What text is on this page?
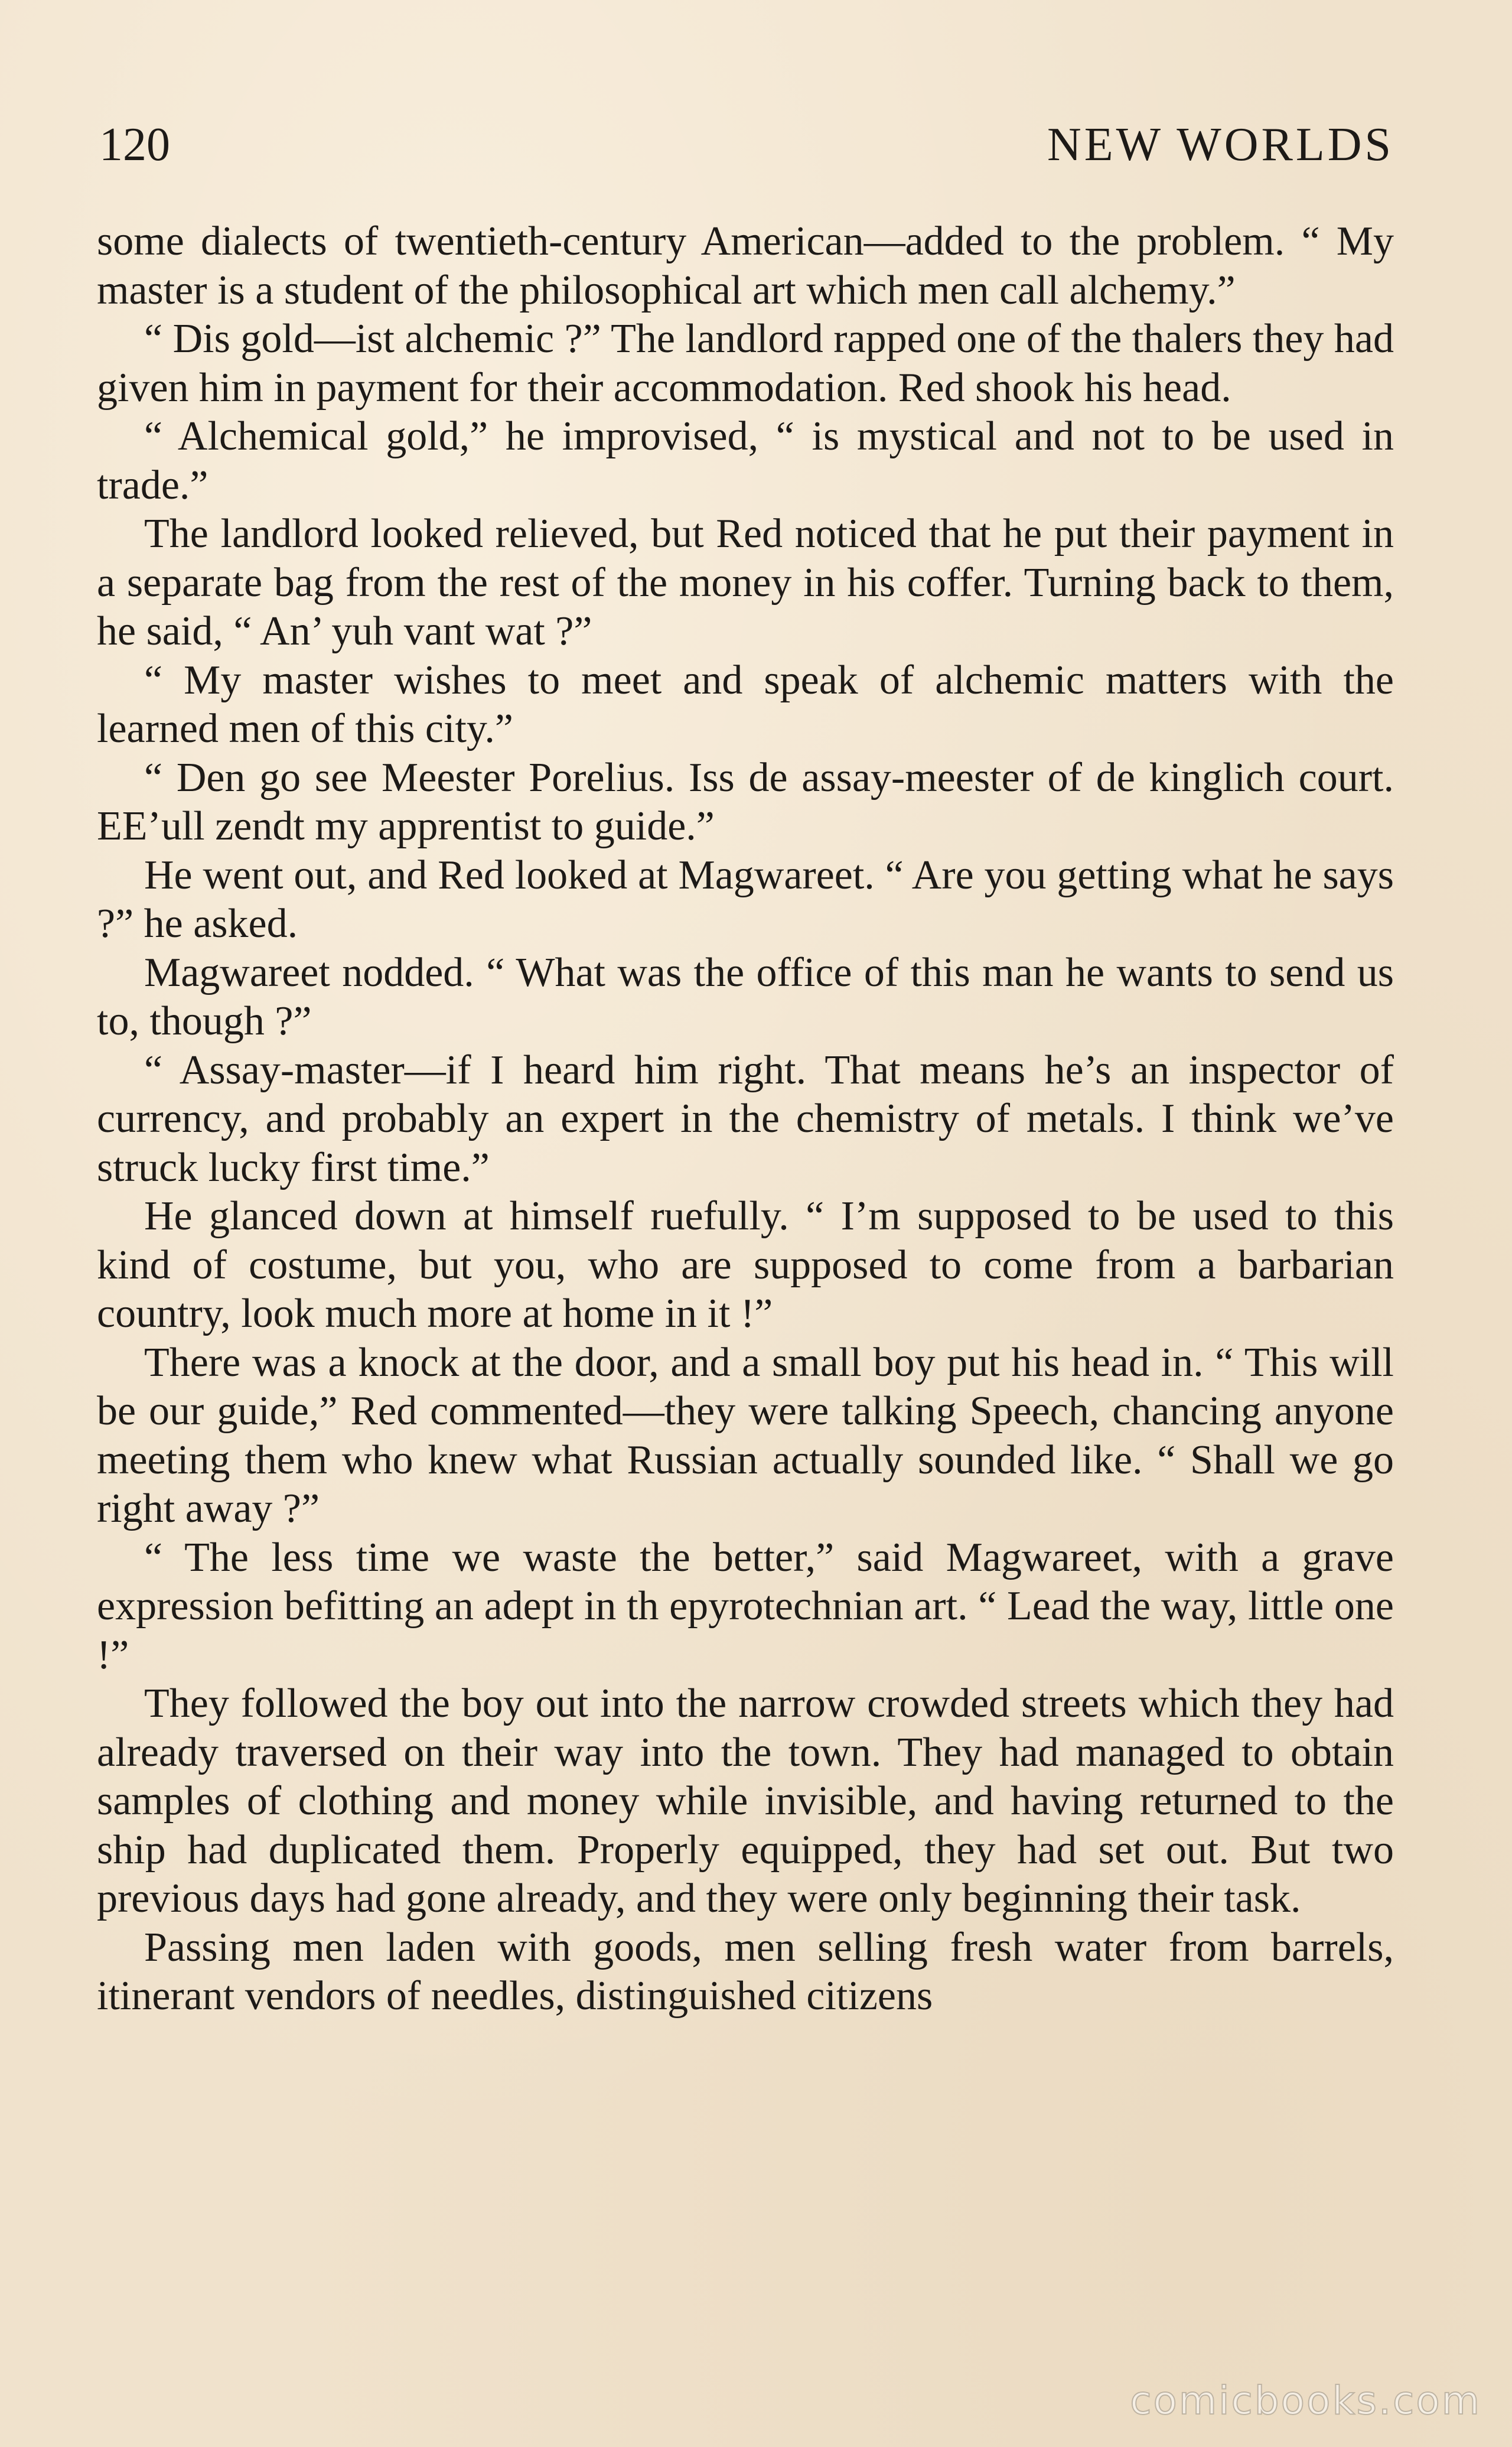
120	NEW WORLDS

some dialects of twentieth-century American—added to the problem. “ My master is a student of the philosophical art which men call alchemy.”

“ Dis gold—ist alchemic ?” The landlord rapped one of the thalers they had given him in payment for their accommodation. Red shook his head.

“ Alchemical gold,” he improvised, “ is mystical and not to be used in trade.”

The landlord looked relieved, but Red noticed that he put their payment in a separate bag from the rest of the money in his coffer. Turning back to them, he said, “ An’ yuh vant wat ?”

“ My master wishes to meet and speak of alchemic matters with the learned men of this city.”

“ Den go see Meester Porelius. Iss de assay-meester of de kinglich court. EE’ull zendt my apprentist to guide.”

He went out, and Red looked at Magwareet. “ Are you getting what he says ?” he asked.

Magwareet nodded. “ What was the office of this man he wants to send us to, though ?”

“ Assay-master—if I heard him right. That means he’s an inspector of currency, and probably an expert in the chemistry of metals. I think we’ve struck lucky first time.”

He glanced down at himself ruefully. “ I’m supposed to be used to this kind of costume, but you, who are supposed to come from a barbarian country, look much more at home in it !”

There was a knock at the door, and a small boy put his head in. “ This will be our guide,” Red commented—they were talking Speech, chancing anyone meeting them who knew what Russian actually sounded like. “ Shall we go right away ?”

“ The less time we waste the better,” said Magwareet, with a grave expression befitting an adept in th epyrotechnian art. “ Lead the way, little one !”

They followed the boy out into the narrow crowded streets which they had already traversed on their way into the town. They had managed to obtain samples of clothing and money while invisible, and having returned to the ship had duplicated them. Properly equipped, they had set out. But two previous days had gone already, and they were only beginning their task.

Passing men laden with goods, men selling fresh water from barrels, itinerant vendors of needles, distinguished citizens

comicbooks.com
